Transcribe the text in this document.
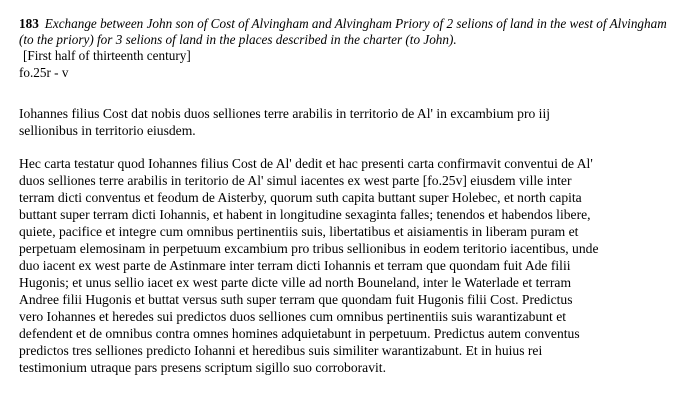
183 Exchange between John son of Cost of Alvingham and Alvingham Priory of 2 selions of land in the west of Alvingham
(to the priory) for 3 selions of land in the places described in the charter (to John).

[First half of thirteenth century]

fo.25r - v

Iohannes filius Cost dat nobis duos selliones terre arabilis in territorio de Al' in excambium pro iij
sellionibus in territorio eiusdem.

Hec carta testatur quod Iohannes filius Cost de Al' dedit et hac presenti carta confirmavit conventui de Al'
duos selliones terre arabilis in teritorio de Al' simul iacentes ex west parte [fo.25v] eiusdem ville inter
terram dicti conventus et feodum de Aisterby, quorum suth capita buttant super Holebec, et north capita
buttant super terram dicti Iohannis, et habent in longitudine sexaginta falles; tenendos et habendos libere,
quiete, pacifice et integre cum omnibus pertinentiis suis, libertatibus et aisiamentis in liberam puram et
perpetuam elemosinam in perpetuum excambium pro tribus sellionibus in eodem teritorio iacentibus, unde
duo iacent ex west parte de Astinmare inter terram dicti Iohannis et terram que quondam fuit Ade filii
Hugonis; et unus sellio iacet ex west parte dicte ville ad north Bouneland, inter le Waterlade et terram
Andree filii Hugonis et buttat versus suth super terram que quondam fuit Hugonis filii Cost. Predictus
vero Iohannes et heredes sui predictos duos selliones cum omnibus pertinentiis suis warantizabunt et
defendent et de omnibus contra omnes homines adquietabunt in perpetuum. Predictus autem conventus
predictos tres selliones predicto Iohanni et heredibus suis similiter warantizabunt. Et in huius rei
testimonium utraque pars presens scriptum sigillo suo corroboravit.
